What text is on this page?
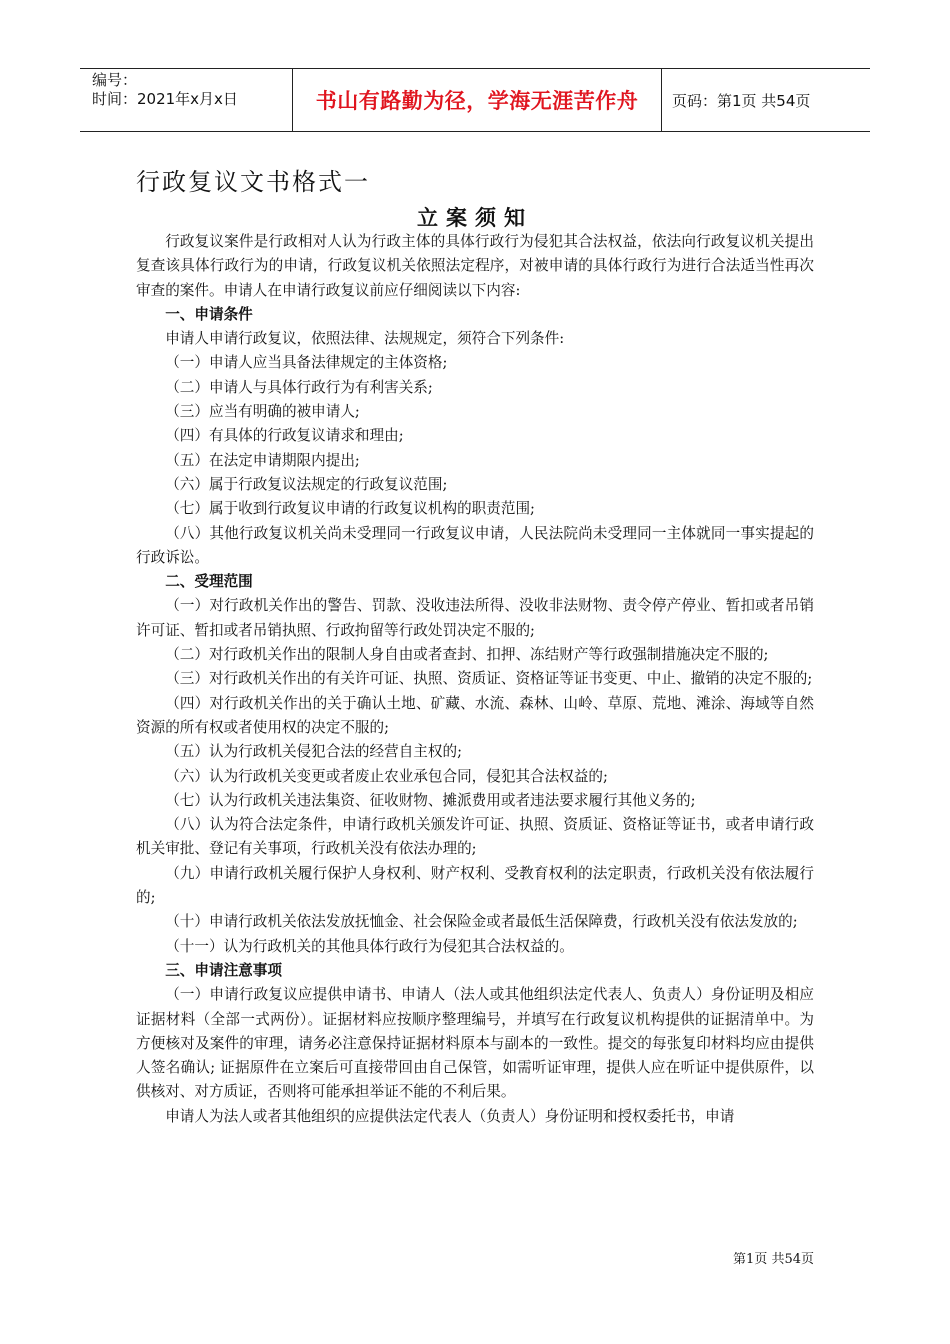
编号：
时间：2021年x月x日	书山有路勤为径，学海无涯苦作舟 页码：第1页 共54页
行政复议文书格式一
立案须知

行政复议案件是行政相对人认为行政主体的具体行政行为侵犯其合法权益，依法向行政复议机关提出复查该具体行政行为的申请，行政复议机关依照法定程序，对被申请的具体行政行为进行合法适当性再次审查的案件。申请人在申请行政复议前应仔细阅读以下内容:

一、申请条件

申请人申请行政复议，依照法律、法规规定，须符合下列条件:

（一）申请人应当具备法律规定的主体资格;

（二）申请人与具体行政行为有利害关系;

（三）应当有明确的被申请人;

（四）有具体的行政复议请求和理由;

（五）在法定申请期限内提出;

（六）属于行政复议法规定的行政复议范围;

（七）属于收到行政复议申请的行政复议机构的职责范围;

（八）其他行政复议机关尚未受理同一行政复议申请，人民法院尚未受理同一主体就同一事实提起的行政诉讼。

二、受理范围

（一）对行政机关作出的警告、罚款、没收违法所得、没收非法财物、责令停产停业、暂扣或者吊销许可证、暂扣或者吊销执照、行政拘留等行政处罚决定不服的;

（二）对行政机关作出的限制人身自由或者查封、扣押、冻结财产等行政强制措施决定不服的;

（三）对行政机关作出的有关许可证、执照、资质证、资格证等证书变更、中止、撤销的决定不服的;

（四）对行政机关作出的关于确认土地、矿藏、水流、森林、山岭、草原、荒地、滩涂、海域等自然资源的所有权或者使用权的决定不服的;

（五）认为行政机关侵犯合法的经营自主权的;

（六）认为行政机关变更或者废止农业承包合同，侵犯其合法权益的;

（七）认为行政机关违法集资、征收财物、摊派费用或者违法要求履行其他义务的;

（八）认为符合法定条件，申请行政机关颁发许可证、执照、资质证、资格证等证书，或者申请行政机关审批、登记有关事项，行政机关没有依法办理的;

（九）申请行政机关履行保护人身权利、财产权利、受教育权利的法定职责，行政机关没有依法履行的;

（十）申请行政机关依法发放抚恤金、社会保险金或者最低生活保障费，行政机关没有依法发放的;

（十一）认为行政机关的其他具体行政行为侵犯其合法权益的。

三、申请注意事项

（一）申请行政复议应提供申请书、申请人（法人或其他组织法定代表人、负责人）身份证明及相应证据材料（全部一式两份）。证据材料应按顺序整理编号，并填写在行政复议机构提供的证据清单中。为方便核对及案件的审理，请务必注意保持证据材料原本与副本的一致性。提交的每张复印材料均应由提供人签名确认; 证据原件在立案后可直接带回由自己保管，如需听证审理，提供人应在听证中提供原件，以供核对、对方质证，否则将可能承担举证不能的不利后果。

申请人为法人或者其他组织的应提供法定代表人（负责人）身份证明和授权委托书，申请

第1页 共54页
